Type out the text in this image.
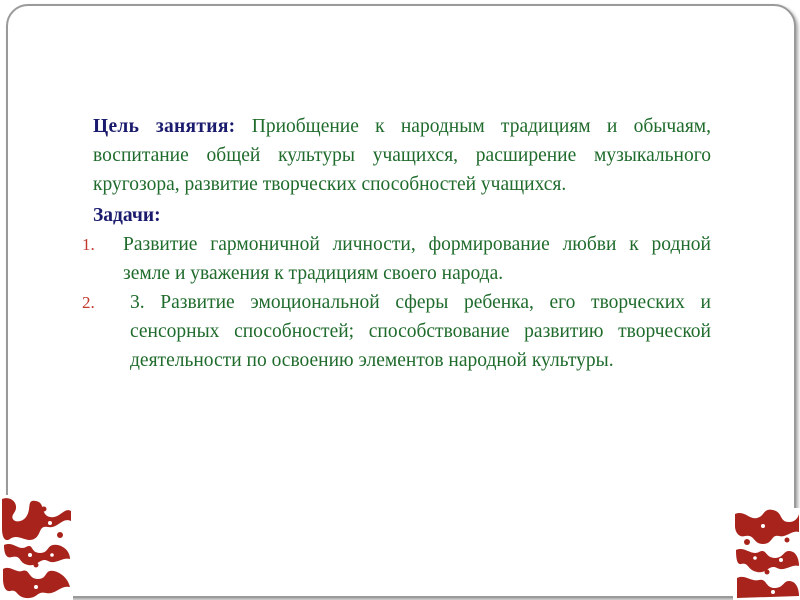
Цель занятия: Приобщение к народным традициям и обычаям, воспитание общей культуры учащихся, расширение музыкального кругозора, развитие творческих способностей учащихся.

Задачи:
1. Развитие гармоничной личности, формирование любви к родной земле и уважения к традициям своего народа.
2. 3. Развитие эмоциональной сферы ребенка, его творческих и сенсорных способностей; способствование развитию творческой деятельности по освоению элементов народной культуры.
